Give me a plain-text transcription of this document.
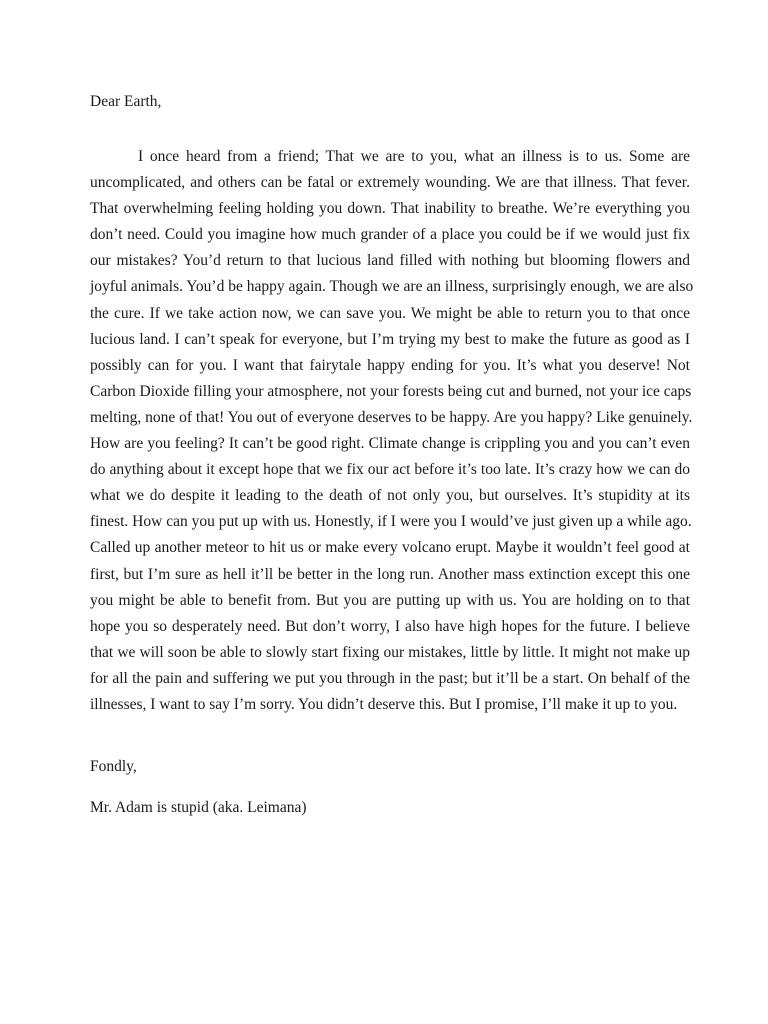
Dear Earth,

I once heard from a friend; That we are to you, what an illness is to us. Some are
uncomplicated, and others can be fatal or extremely wounding. We are that illness. That fever.
That overwhelming feeling holding you down. That inability to breathe. We’re everything you
don’t need. Could you imagine how much grander of a place you could be if we would just fix
our mistakes? You’d return to that lucious land filled with nothing but blooming flowers and
joyful animals. You’d be happy again. Though we are an illness, surprisingly enough, we are also
the cure. If we take action now, we can save you. We might be able to return you to that once
lucious land. I can’t speak for everyone, but I’m trying my best to make the future as good as I
possibly can for you. I want that fairytale happy ending for you. It’s what you deserve! Not
Carbon Dioxide filling your atmosphere, not your forests being cut and burned, not your ice caps
melting, none of that! You out of everyone deserves to be happy. Are you happy? Like genuinely.
How are you feeling? It can’t be good right. Climate change is crippling you and you can’t even
do anything about it except hope that we fix our act before it’s too late. It’s crazy how we can do
what we do despite it leading to the death of not only you, but ourselves. It’s stupidity at its
finest. How can you put up with us. Honestly, if I were you I would’ve just given up a while ago.
Called up another meteor to hit us or make every volcano erupt. Maybe it wouldn’t feel good at
first, but I’m sure as hell it’ll be better in the long run. Another mass extinction except this one
you might be able to benefit from. But you are putting up with us. You are holding on to that
hope you so desperately need. But don’t worry, I also have high hopes for the future. I believe
that we will soon be able to slowly start fixing our mistakes, little by little. It might not make up
for all the pain and suffering we put you through in the past; but it’ll be a start. On behalf of the
illnesses, I want to say I’m sorry. You didn’t deserve this. But I promise, I’ll make it up to you.

Fondly,

Mr. Adam is stupid (aka. Leimana)
